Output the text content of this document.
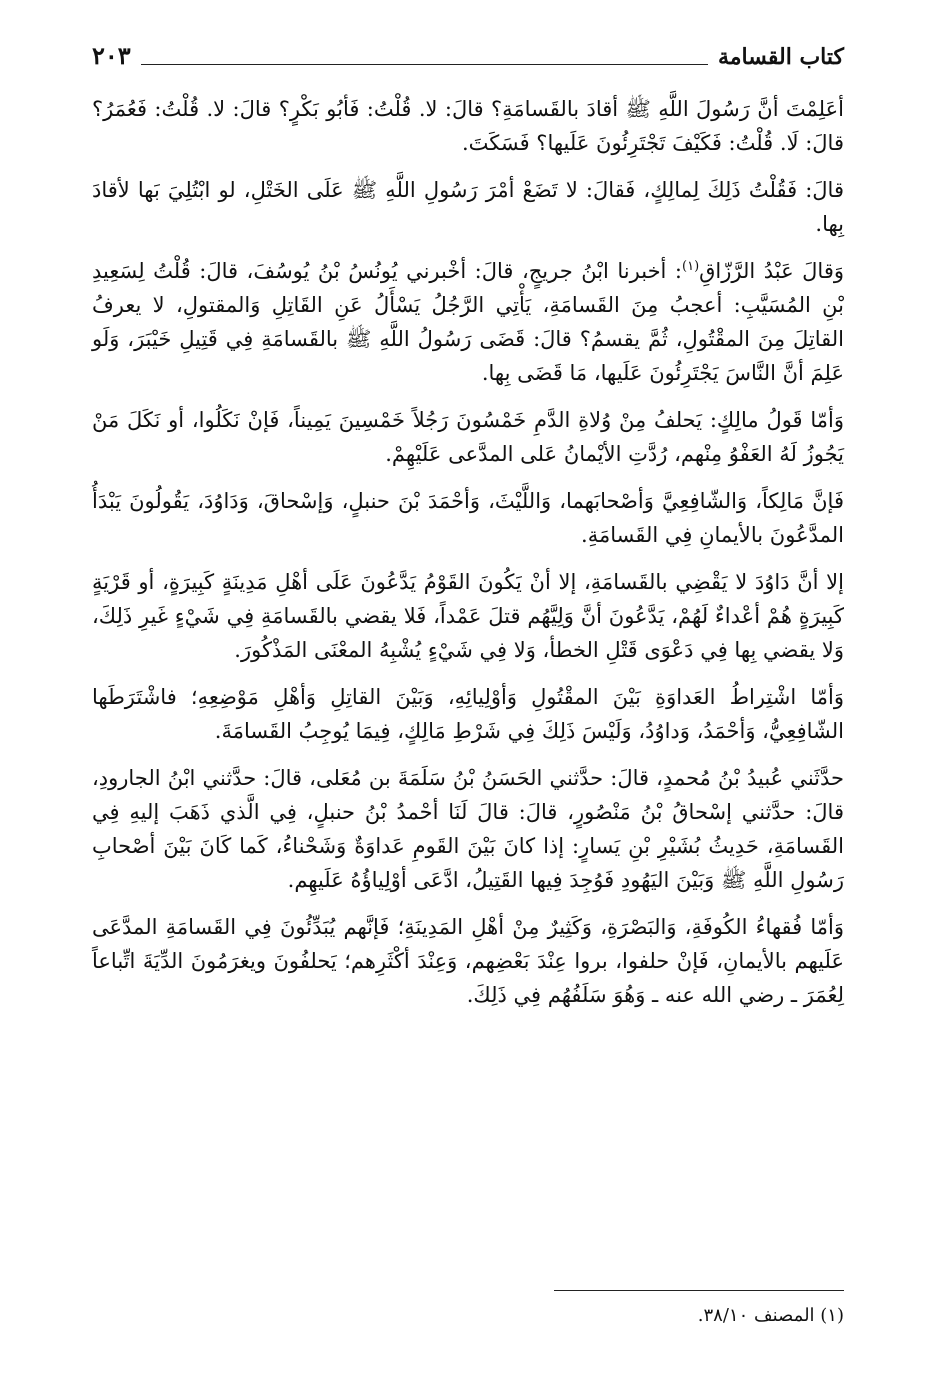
كتاب القسامة
٢٠٣

أعَلِمْتَ أنَّ رَسُولَ اللَّهِ ﷺ أقادَ بالقَسامَةِ؟ قالَ: لا. قُلْتُ: فَأبُو بَكْرٍ؟ قالَ: لا. قُلْتُ: فَعُمَرُ؟ قالَ: لَا. قُلْتُ: فَكَيْفَ تَجْتَرِئُونَ عَلَيها؟ فَسَكَتَ.

قالَ: فَقُلْتُ ذَلِكَ لِمالِكٍ، فَقالَ: لا تَضَعْ أمْرَ رَسُولِ اللَّهِ ﷺ عَلَى الخَتْلِ، لو ابْتُلِيَ بَها لأقادَ بِها.

وَقالَ عَبْدُ الرَّزّاقِ$^{(١)}$: أخبرنا ابْنُ جريجٍ، قالَ: أخْبرني يُونُسُ بْنُ يُوسُفَ، قالَ: قُلْتُ لِسَعِيدِ بْنِ المُسَيَّبِ: أعجبُ مِنَ القَسامَةِ، يَأْتِي الرَّجُلُ يَسْأَلُ عَنِ القَاتِلِ وَالمقتولِ، لا يعرفُ القاتِلَ مِنَ المقْتُولِ، ثُمَّ يقسمُ؟ قالَ: قَضَى رَسُولُ اللَّهِ ﷺ بالقَسامَةِ فِي قَتِيلِ خَيْبَرَ، وَلَو عَلِمَ أنَّ النَّاسَ يَجْتَرِئُونَ عَلَيها، مَا قَضَى بِها.

وَأمّا قَولُ مالِكٍ: يَحلفُ مِنْ وُلاةِ الدَّمِ خَمْسُونَ رَجُلاً خَمْسِينَ يَمِيناً، فَإنْ نَكَلُوا، أو نَكَلَ مَنْ يَجُوزُ لَهُ العَفْوُ مِنْهم، رُدَّتِ الأيْمانُ عَلى المدَّعى عَلَيْهِمْ.

فَإنَّ مَالِكاً، وَالشّافِعِيَّ وَأصْحابَهما، وَاللَّيْثَ، وَأحْمَدَ بْنَ حنبلٍ، وَإسْحاقَ، وَدَاوُدَ، يَقُولُونَ يَبْدَأُ المدَّعُونَ بالأيمانِ فِي القَسامَةِ.

إلا أنَّ دَاوُدَ لا يَقْضِي بالقَسامَةِ، إلا أنْ يَكُونَ القَوْمُ يَدَّعُونَ عَلَى أهْلِ مَدِينَةٍ كَبِيرَةٍ، أو قَرْيَةٍ كَبِيرَةٍ هُمْ أعْداءٌ لَهُمْ، يَدَّعُونَ أنَّ وَلِيَّهُم قتلَ عَمْداً، فَلا يقضي بالقَسامَةِ فِي شَيْءٍ غَيرِ ذَلِكَ، وَلا يقضي بِها فِي دَعْوَى قَتْلِ الخطأ، وَلا فِي شَيْءٍ يُشْبِهُ المعْنَى المَذْكُورَ.

وَأمّا اشْتِراطُ العَداوَةِ بَيْنَ المقْتُولِ وَأوْلِيائِهِ، وَبَيْنَ القاتِلِ وَأهْلِ مَوْضِعِهِ؛ فاشْتَرَطَها الشّافِعِيُّ، وَأحْمَدُ، وَداوُدُ، وَلَيْسَ ذَلِكَ فِي شَرْطِ مَالِكٍ، فِيمَا يُوجِبُ القَسامَةَ.

حدَّثَني عُبيدُ بْنُ مُحمدٍ، قالَ: حدَّثني الحَسَنُ بْنُ سَلَمَةَ بن مُعَلى، قالَ: حدَّثني ابْنُ الجارودِ، قالَ: حدَّثني إسْحاقُ بْنُ مَنْصُورٍ، قالَ: قالَ لَنَا أحْمدُ بْنُ حنبلٍ، فِي الَّذي ذَهَبَ إليهِ فِي القَسامَةِ، حَدِيثُ بُشَيْرِ بْنِ يَسارٍ: إذا كانَ بَيْنَ القَومِ عَداوَةٌ وَشَحْناءُ، كَما كَانَ بَيْنَ أصْحابِ رَسُولِ اللَّهِ ﷺ وَبَيْنَ اليَهُودِ فَوُجِدَ فِيها القَتِيلُ، ادَّعَى أوْلِياؤُهُ عَلَيهِم.

وَأمّا فُقهاءُ الكُوفَةِ، وَالبَصْرَةِ، وَكَثِيرٌ مِنْ أهْلِ المَدِينَةِ؛ فَإنَّهم يُبَدِّئُونَ فِي القَسامَةِ المدَّعَى عَلَيهم بالأيمانِ، فَإنْ حلفوا، بروا عِنْدَ بَعْضِهم، وَعِنْدَ أكْثَرِهم؛ يَحلفُونَ ويغرَمُونَ الدِّيَةَ اتِّباعاً لِعُمَرَ ـ رضي الله عنه ـ وَهُوَ سَلَفُهُم فِي ذَلِكَ.

(١) المصنف ٣٨/١٠.
